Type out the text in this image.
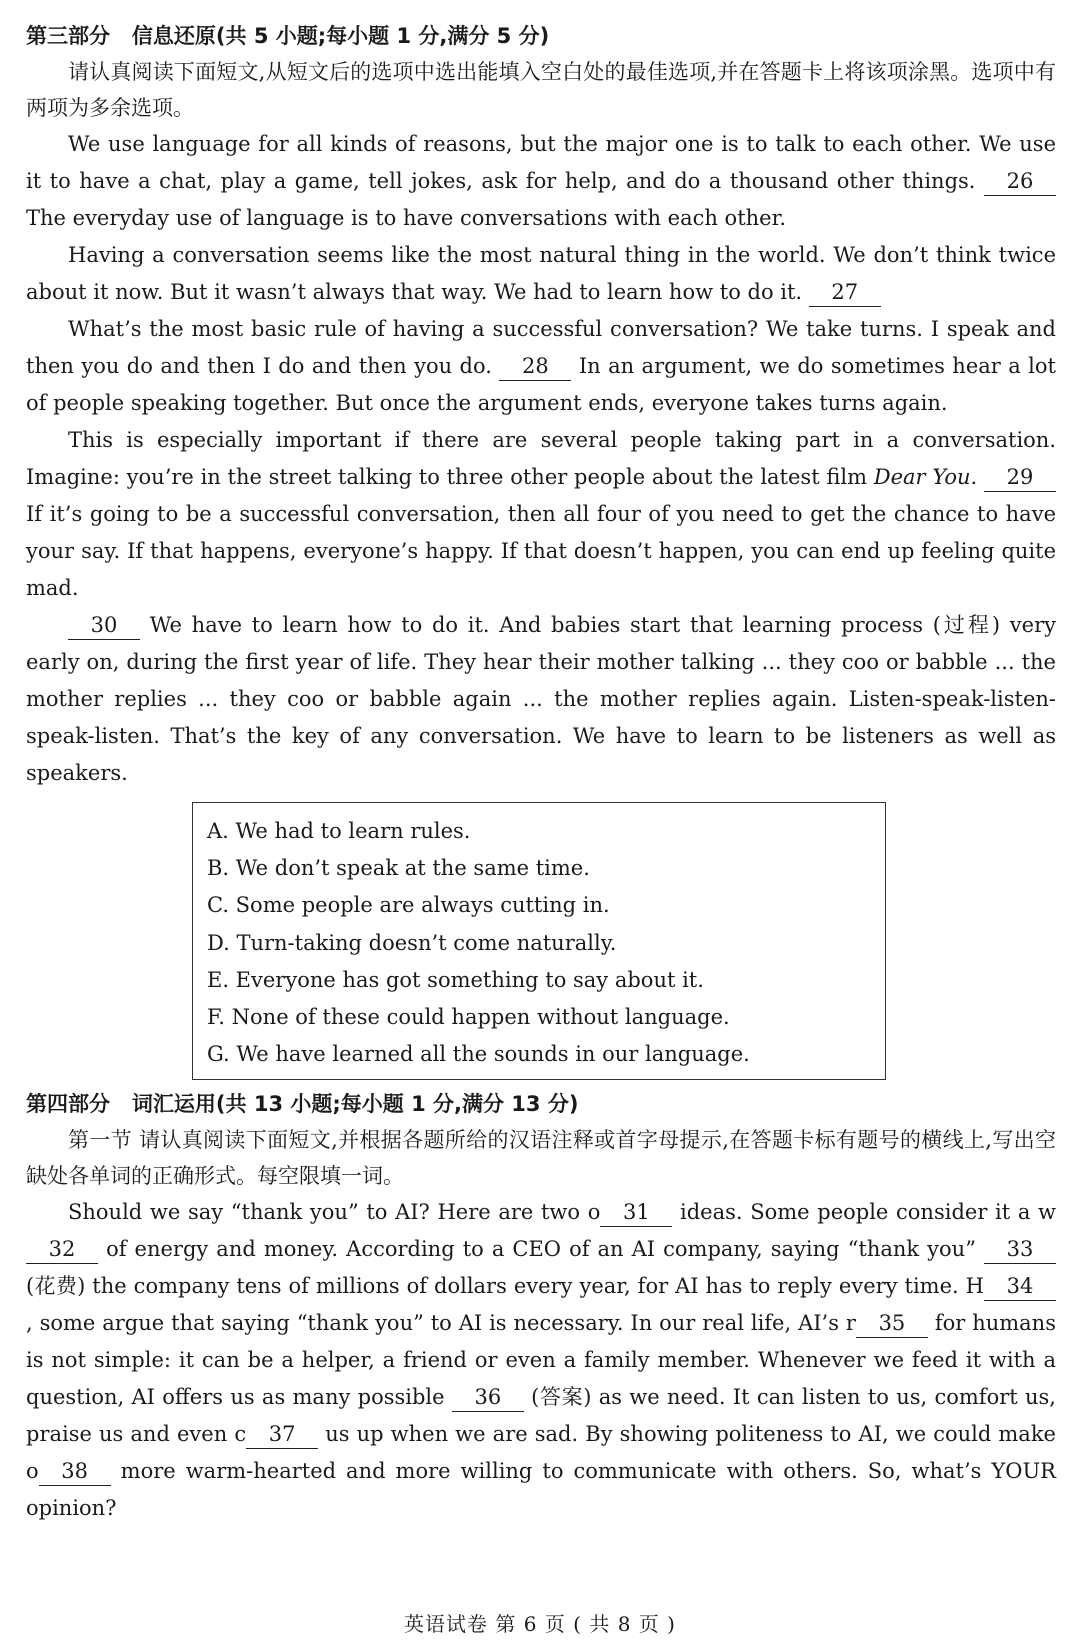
第三部分   信息还原(共 5 小题;每小题 1 分,满分 5 分)

请认真阅读下面短文,从短文后的选项中选出能填入空白处的最佳选项,并在答题卡上将该项涂黑。选项中有两项为多余选项。

We use language for all kinds of reasons, but the major one is to talk to each other. We use it to have a chat, play a game, tell jokes, ask for help, and do a thousand other things. 26 The everyday use of language is to have conversations with each other.

Having a conversation seems like the most natural thing in the world. We don’t think twice about it now. But it wasn’t always that way. We had to learn how to do it. 27

What’s the most basic rule of having a successful conversation? We take turns. I speak and then you do and then I do and then you do. 28 In an argument, we do sometimes hear a lot of people speaking together. But once the argument ends, everyone takes turns again.

This is especially important if there are several people taking part in a conversation. Imagine: you’re in the street talking to three other people about the latest film Dear You. 29 If it’s going to be a successful conversation, then all four of you need to get the chance to have your say. If that happens, everyone’s happy. If that doesn’t happen, you can end up feeling quite mad.

30 We have to learn how to do it. And babies start that learning process (过程) very early on, during the first year of life. They hear their mother talking ... they coo or babble ... the mother replies ... they coo or babble again ... the mother replies again. Listen-speak-listen-speak-listen. That’s the key of any conversation. We have to learn to be listeners as well as speakers.

A. We had to learn rules.
B. We don’t speak at the same time.
C. Some people are always cutting in.
D. Turn-taking doesn’t come naturally.
E. Everyone has got something to say about it.
F. None of these could happen without language.
G. We have learned all the sounds in our language.
第四部分   词汇运用(共 13 小题;每小题 1 分,满分 13 分)

第一节 请认真阅读下面短文,并根据各题所给的汉语注释或首字母提示,在答题卡标有题号的横线上,写出空缺处各单词的正确形式。每空限填一词。

Should we say “thank you” to AI? Here are two o 31 ideas. Some people consider it a w32 of energy and money. According to a CEO of an AI company, saying “thank you” 33 (花费) the company tens of millions of dollars every year, for AI has to reply every time. H 34, some argue that saying “thank you” to AI is necessary. In our real life, AI’s r 35 for humans is not simple: it can be a helper, a friend or even a family member. Whenever we feed it with a question, AI offers us as many possible 36 (答案) as we need. It can listen to us, comfort us, praise us and even c 37 us up when we are sad. By showing politeness to AI, we could make o 38 more warm-hearted and more willing to communicate with others. So, what’s YOUR opinion?

英语试卷 第 6 页 ( 共 8 页 )
